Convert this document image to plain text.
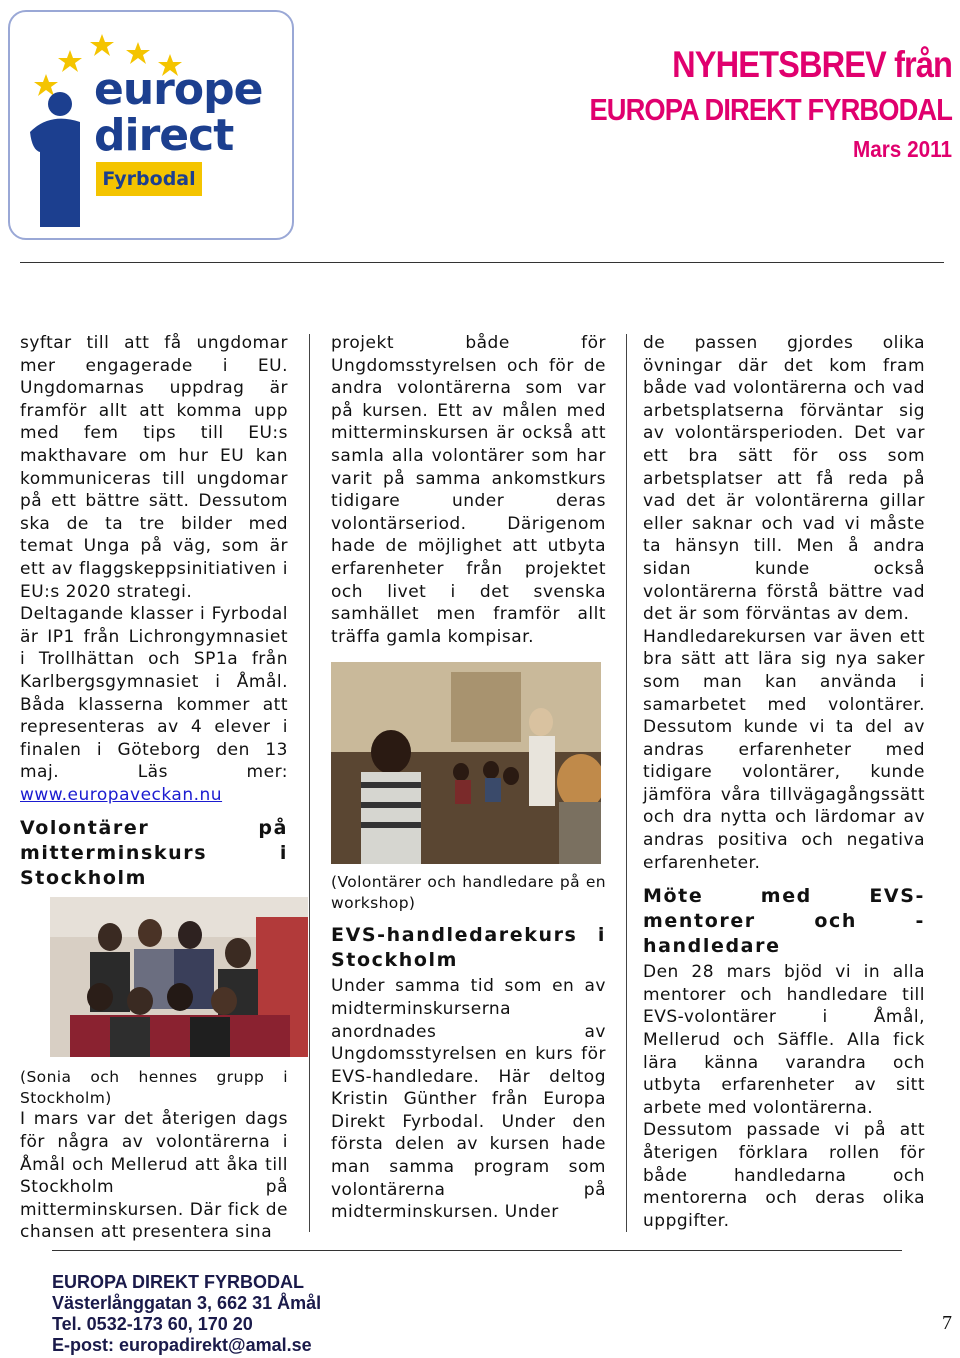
europe
direct
Fyrbodal
NYHETSBREV från
EUROPA DIREKT FYRBODAL
Mars 2011

syftar till att få ungdomar mer engagerade i EU. Ungdomarnas uppdrag är framför allt att komma upp med fem tips till EU:s makthavare om hur EU kan kommuniceras till ungdomar på ett bättre sätt. Dessutom ska de ta tre bilder med temat Unga på väg, som är ett av flaggskeppsinitiativen i EU:s 2020 strategi.

Deltagande klasser i Fyrbodal är IP1 från Lichrongymnasiet i Trollhättan och SP1a från Karlbergsgymnasiet i Åmål. Båda klasserna kommer att representeras av 4 elever i finalen i Göteborg den 13 maj. Läs mer: www.europaveckan.nu

Volontärer på mitterminskurs i Stockholm

(Sonia och hennes grupp i Stockholm)

I mars var det återigen dags för några av volontärerna i Åmål och Mellerud att åka till Stockholm på mitterminskursen. Där fick de chansen att presentera sina

projekt både för Ungdomsstyrelsen och för de andra volontärerna som var på kursen. Ett av målen med mitterminskursen är också att samla alla volontärer som har varit på samma ankomstkurs tidigare under deras volontärseriod. Därigenom hade de möjlighet att utbyta erfarenheter från projektet och livet i det svenska samhället men framför allt träffa gamla kompisar.

(Volontärer och handledare på en workshop)

EVS-handledarekurs i Stockholm

Under samma tid som en av midterminskurserna anordnades av Ungdomsstyrelsen en kurs för EVS-handledare. Här deltog Kristin Günther från Europa Direkt Fyrbodal. Under den första delen av kursen hade man samma program som volontärerna på midterminskursen. Under

de passen gjordes olika övningar där det kom fram både vad volontärerna och vad arbetsplatserna förväntar sig av volontärsperioden. Det var ett bra sätt för oss som arbetsplatser att få reda på vad det är volontärerna gillar eller saknar och vad vi måste ta hänsyn till. Men å andra sidan kunde också volontärerna förstå bättre vad det är som förväntas av dem.

Handledarekursen var även ett bra sätt att lära sig nya saker som man kan använda i samarbetet med volontärer. Dessutom kunde vi ta del av andras erfarenheter med tidigare volontärer, kunde jämföra våra tillvägagångssätt och dra nytta och lärdomar av andras positiva och negativa erfarenheter.

Möte med EVS-mentorer och -handledare

Den 28 mars bjöd vi in alla mentorer och handledare till EVS-volontärer i Åmål, Mellerud och Säffle. Alla fick lära känna varandra och utbyta erfarenheter av sitt arbete med volontärerna.

Dessutom passade vi på att återigen förklara rollen för både handledarna och mentorerna och deras olika uppgifter.

EUROPA DIREKT FYRBODAL
Västerlånggatan 3, 662 31 Åmål
Tel. 0532-173 60, 170 20
E-post: europadirekt@amal.se
7
